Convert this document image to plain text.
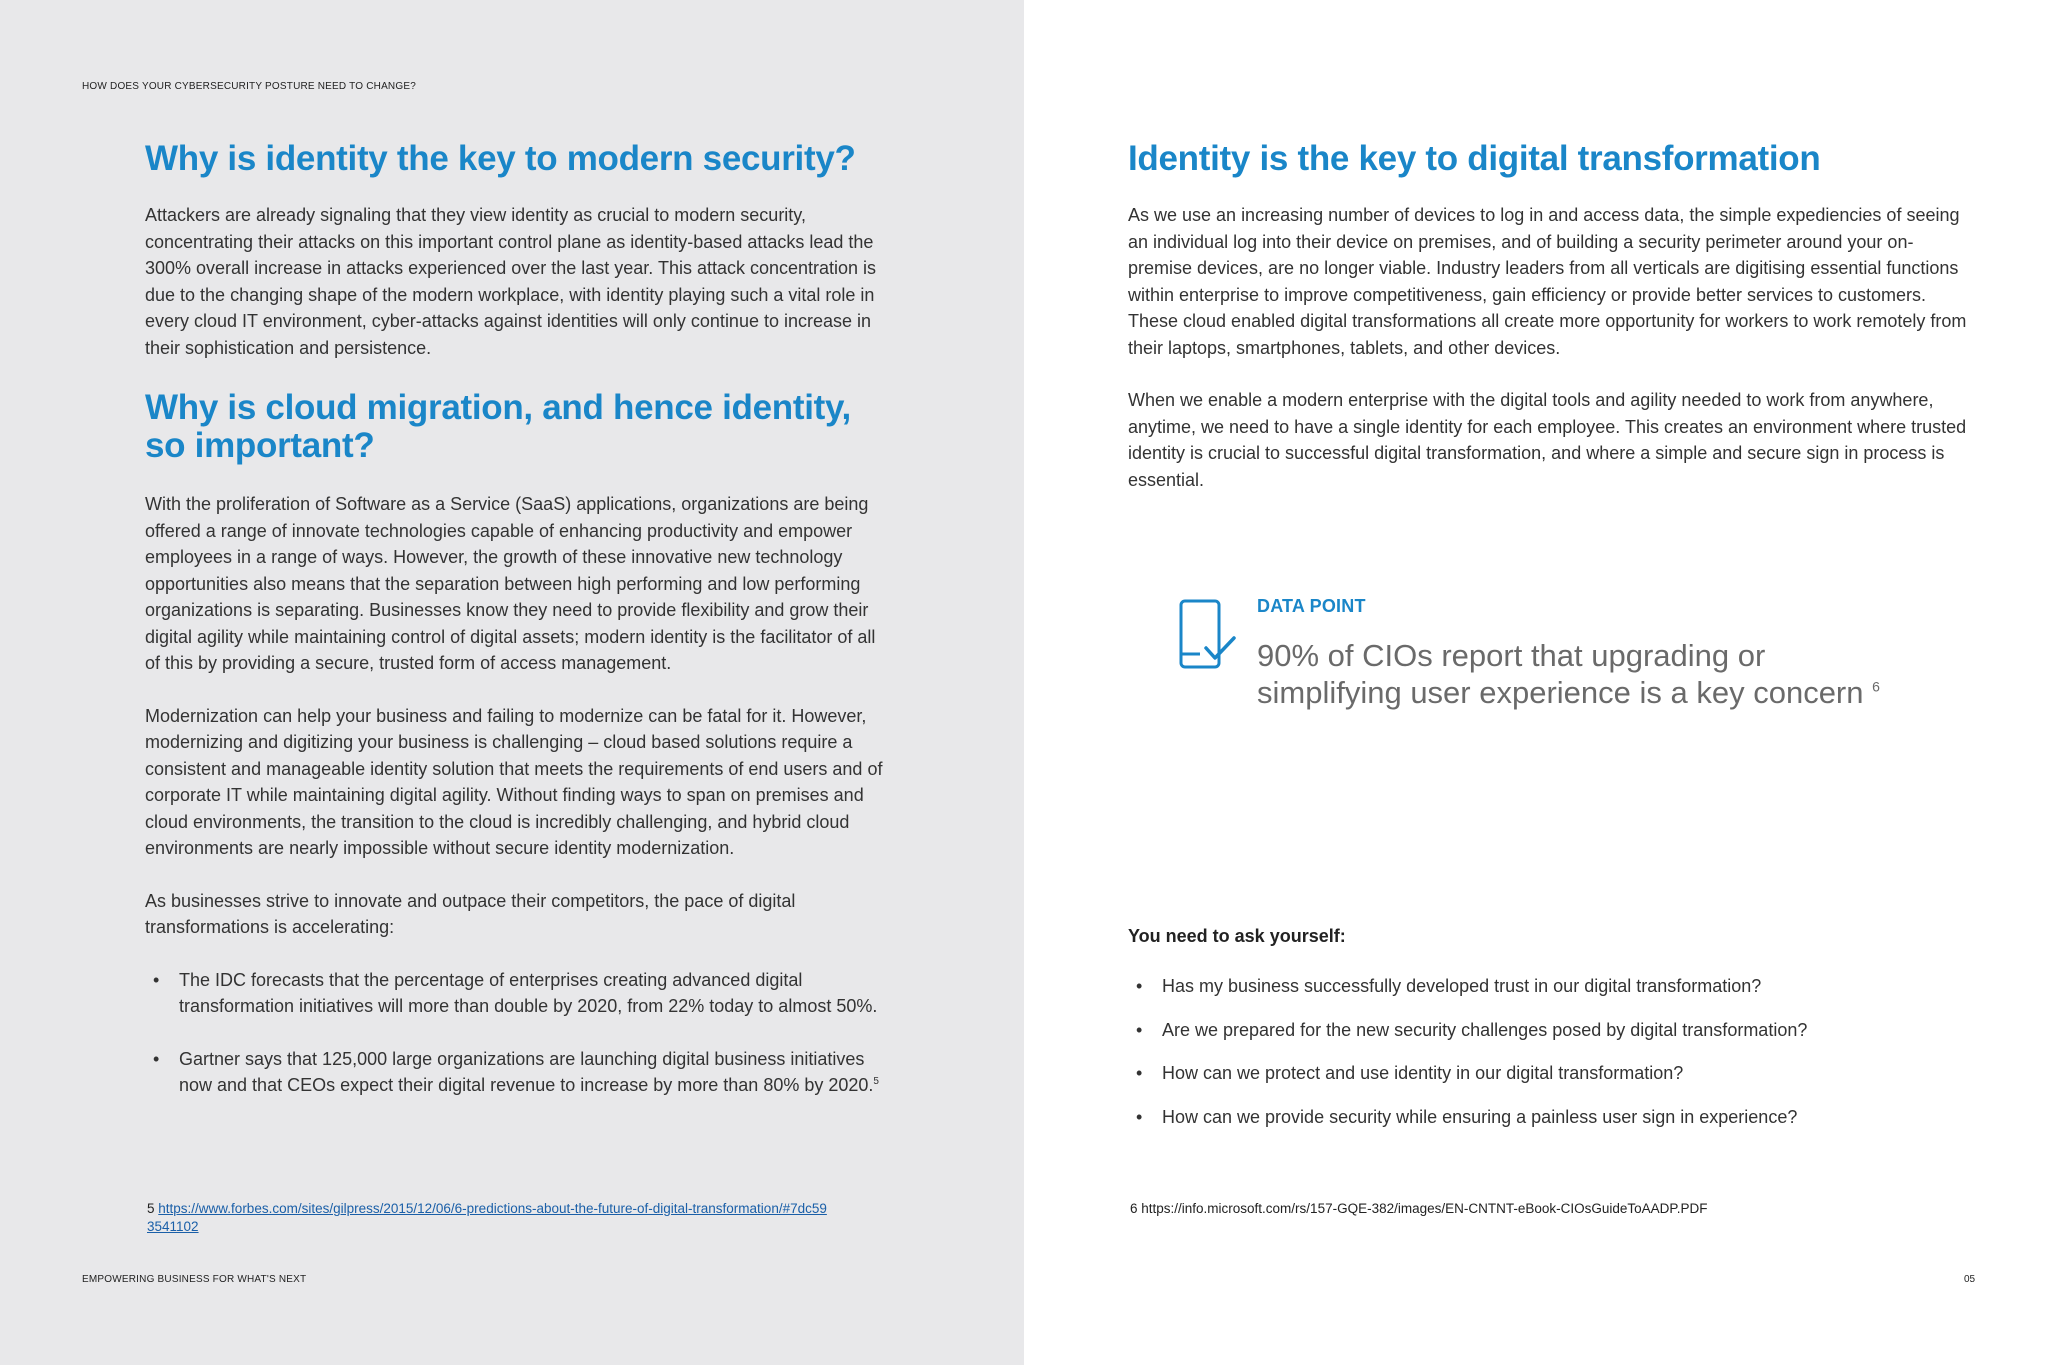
HOW DOES YOUR CYBERSECURITY POSTURE NEED TO CHANGE?
Why is identity the key to modern security?

Attackers are already signaling that they view identity as crucial to modern security, concentrating their attacks on this important control plane as identity-based attacks lead the 300% overall increase in attacks experienced over the last year. This attack concentration is due to the changing shape of the modern workplace, with identity playing such a vital role in every cloud IT environment, cyber-attacks against identities will only continue to increase in their sophistication and persistence.

Why is cloud migration, and hence identity, so important?

With the proliferation of Software as a Service (SaaS) applications, organizations are being offered a range of innovate technologies capable of enhancing productivity and empower employees in a range of ways. However, the growth of these innovative new technology opportunities also means that the separation between high performing and low performing organizations is separating. Businesses know they need to provide flexibility and grow their digital agility while maintaining control of digital assets; modern identity is the facilitator of all of this by providing a secure, trusted form of access management.

Modernization can help your business and failing to modernize can be fatal for it. However, modernizing and digitizing your business is challenging – cloud based solutions require a consistent and manageable identity solution that meets the requirements of end users and of corporate IT while maintaining digital agility. Without finding ways to span on premises and cloud environments, the transition to the cloud is incredibly challenging, and hybrid cloud environments are nearly impossible without secure identity modernization.

As businesses strive to innovate and outpace their competitors, the pace of digital transformations is accelerating:

• The IDC forecasts that the percentage of enterprises creating advanced digital transformation initiatives will more than double by 2020, from 22% today to almost 50%.
• Gartner says that 125,000 large organizations are launching digital business initiatives now and that CEOs expect their digital revenue to increase by more than 80% by 2020.$^5$
5 https://www.forbes.com/sites/gilpress/2015/12/06/6-predictions-about-the-future-of-digital-transformation/#7dc593541102
EMPOWERING BUSINESS FOR WHAT'S NEXT
Identity is the key to digital transformation

As we use an increasing number of devices to log in and access data, the simple expediencies of seeing an individual log into their device on premises, and of building a security perimeter around your on-premise devices, are no longer viable. Industry leaders from all verticals are digitising essential functions within enterprise to improve competitiveness, gain efficiency or provide better services to customers. These cloud enabled digital transformations all create more opportunity for workers to work remotely from their laptops, smartphones, tablets, and other devices.

When we enable a modern enterprise with the digital tools and agility needed to work from anywhere, anytime, we need to have a single identity for each employee. This creates an environment where trusted identity is crucial to successful digital transformation, and where a simple and secure sign in process is essential.

DATA POINT
90% of CIOs report that upgrading or simplifying user experience is a key concern $^6$
You need to ask yourself:
• Has my business successfully developed trust in our digital transformation?
• Are we prepared for the new security challenges posed by digital transformation?
• How can we protect and use identity in our digital transformation?
• How can we provide security while ensuring a painless user sign in experience?
6 https://info.microsoft.com/rs/157-GQE-382/images/EN-CNTNT-eBook-CIOsGuideToAADP.PDF
05
